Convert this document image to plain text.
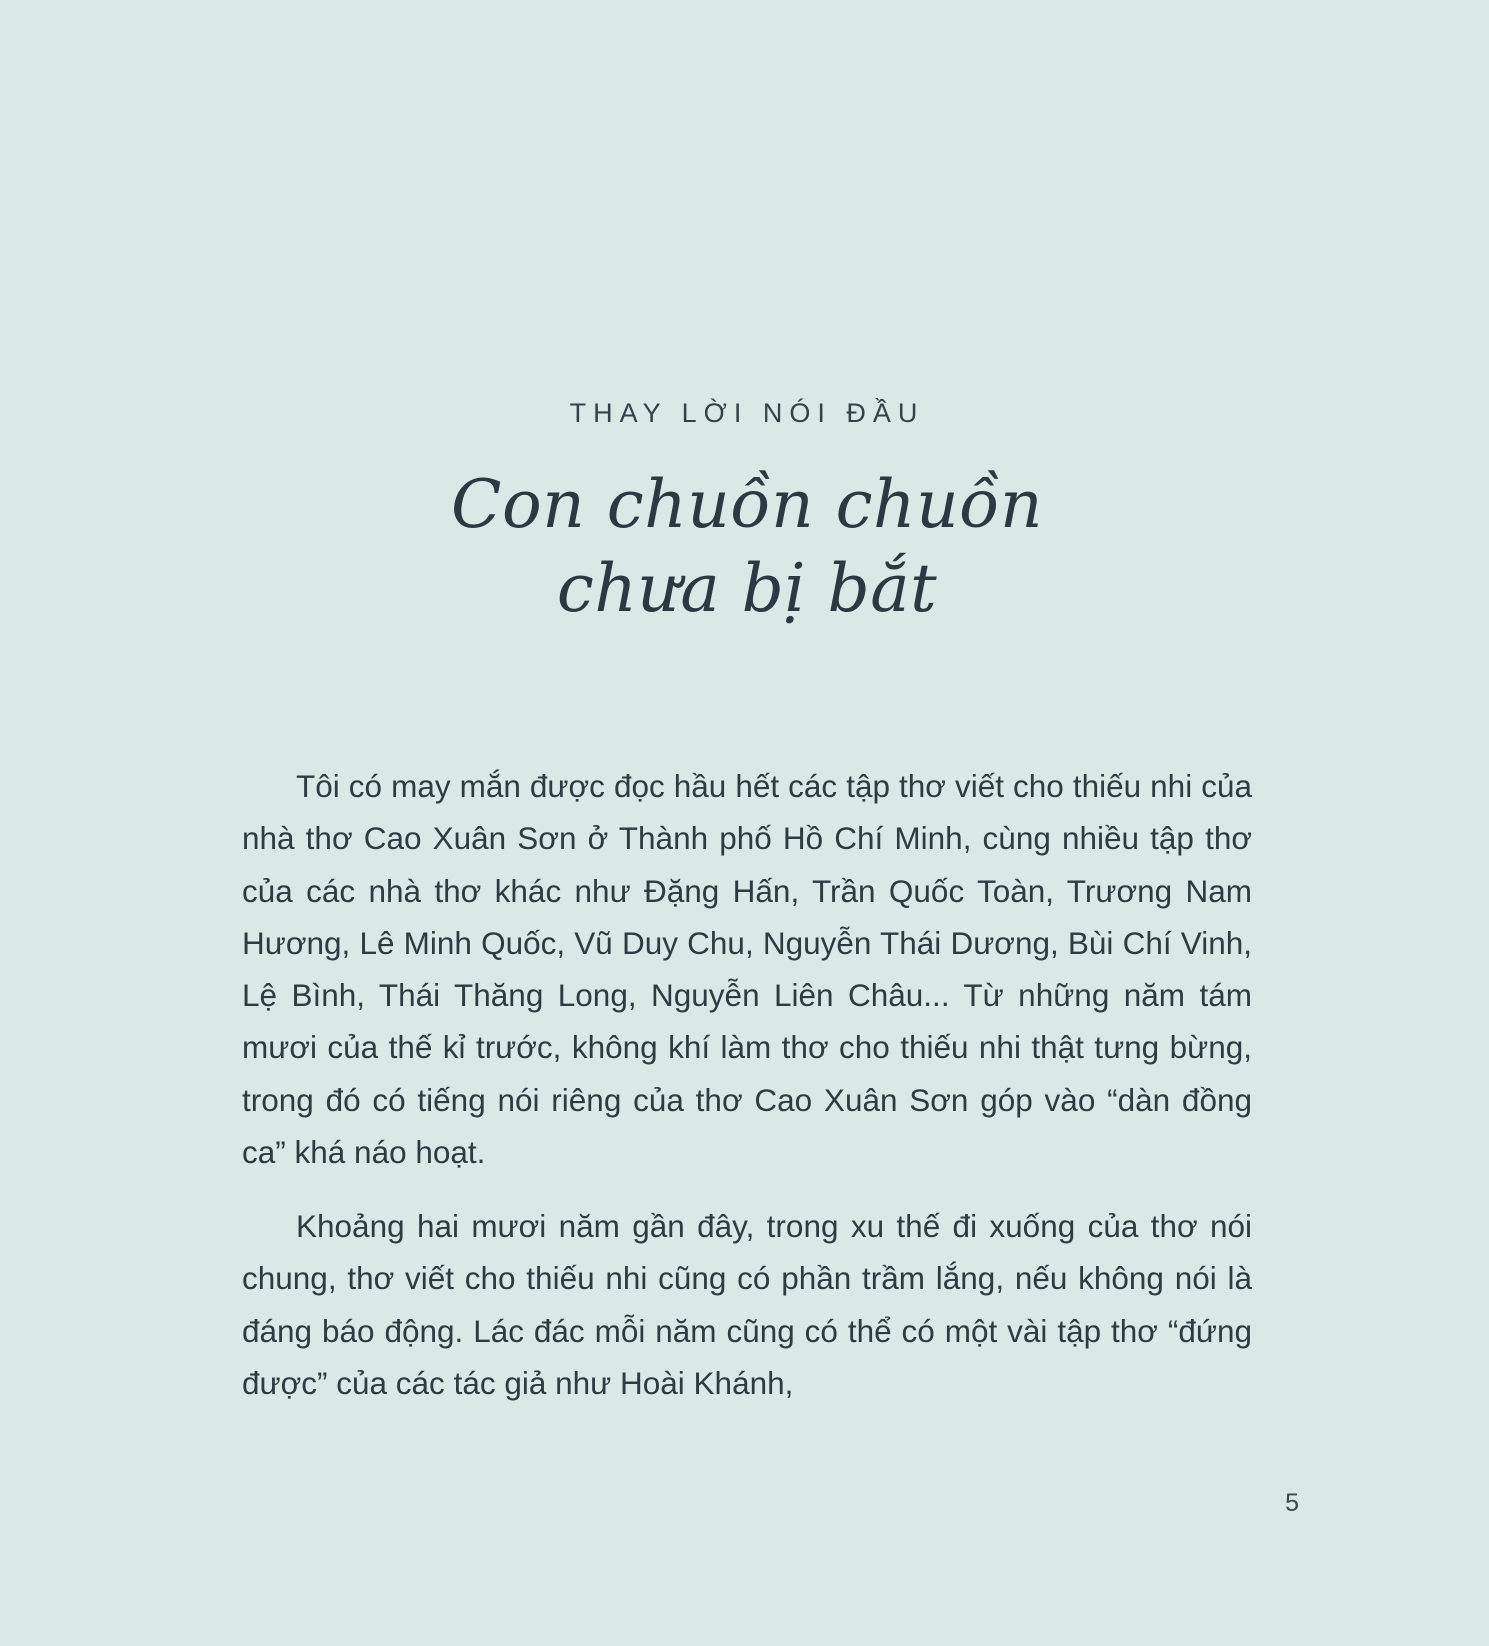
THAY LỜI NÓI ĐẦU
Con chuồn chuồn
chưa bị bắt

Tôi có may mắn được đọc hầu hết các tập thơ viết cho thiếu nhi của nhà thơ Cao Xuân Sơn ở Thành phố Hồ Chí Minh, cùng nhiều tập thơ của các nhà thơ khác như Đặng Hấn, Trần Quốc Toàn, Trương Nam Hương, Lê Minh Quốc, Vũ Duy Chu, Nguyễn Thái Dương, Bùi Chí Vinh, Lệ Bình, Thái Thăng Long, Nguyễn Liên Châu... Từ những năm tám mươi của thế kỉ trước, không khí làm thơ cho thiếu nhi thật tưng bừng, trong đó có tiếng nói riêng của thơ Cao Xuân Sơn góp vào “dàn đồng ca” khá náo hoạt.

Khoảng hai mươi năm gần đây, trong xu thế đi xuống của thơ nói chung, thơ viết cho thiếu nhi cũng có phần trầm lắng, nếu không nói là đáng báo động. Lác đác mỗi năm cũng có thể có một vài tập thơ “đứng được” của các tác giả như Hoài Khánh,

5
